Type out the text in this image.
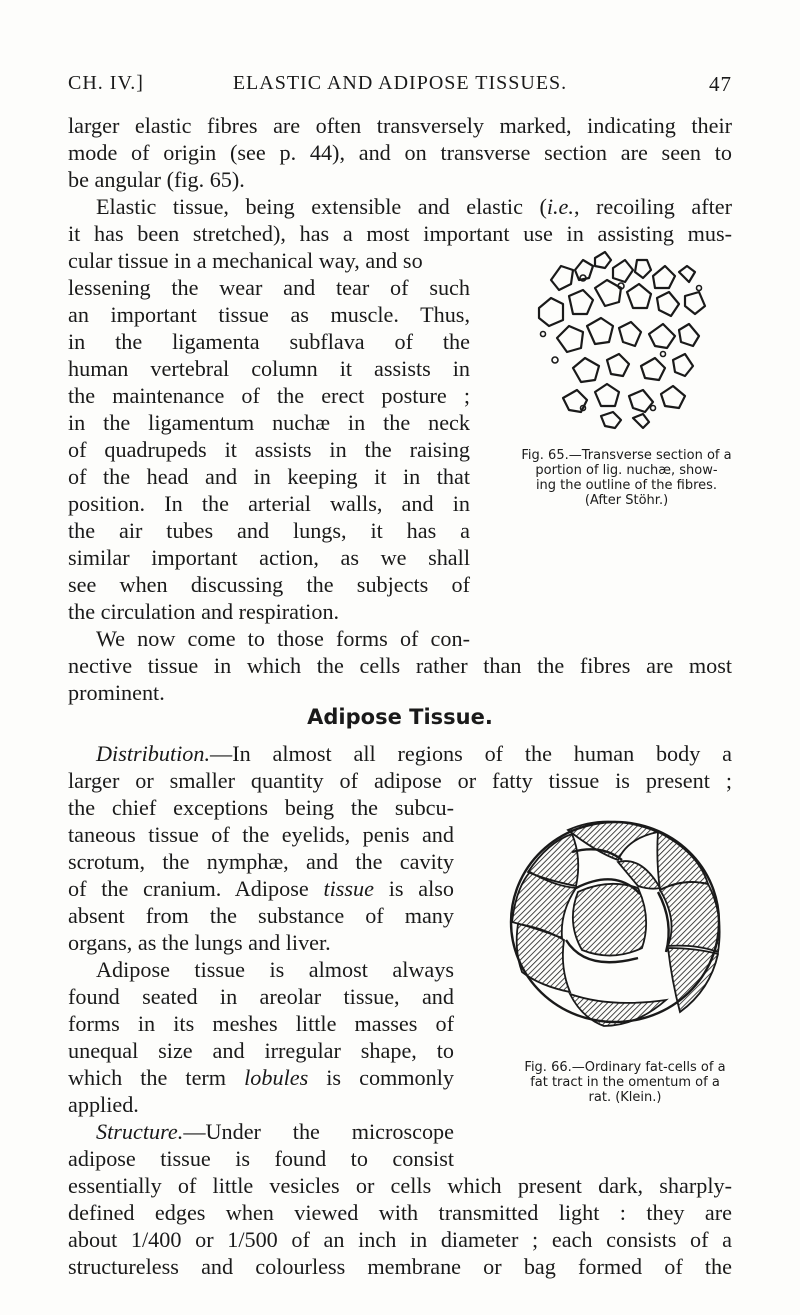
CH. IV.]	ELASTIC AND ADIPOSE TISSUES.	47
larger elastic fibres are often transversely marked, indicating their
mode of origin (see p. 44), and on transverse section are seen to
be angular (fig. 65).
Elastic tissue, being extensible and elastic (i.e., recoiling after
it has been stretched), has a most important use in assisting mus-
cular tissue in a mechanical way, and so
lessening the wear and tear of such
an important tissue as muscle. Thus,
in the ligamenta subflava of the
human vertebral column it assists in
the maintenance of the erect posture ;
in the ligamentum nuchæ in the neck
of quadrupeds it assists in the raising
of the head and in keeping it in that
position. In the arterial walls, and in
the air tubes and lungs, it has a
similar important action, as we shall
see when discussing the subjects of
the circulation and respiration.
We now come to those forms of con-
nective tissue in which the cells rather than the fibres are most
prominent.
Fig. 65.—Transverse section of a
portion of lig. nuchæ, show-
ing the outline of the fibres.
(After Stöhr.)
Adipose Tissue.
Distribution.—In almost all regions of the human body a
larger or smaller quantity of adipose or fatty tissue is present ;
the chief exceptions being the subcu-
taneous tissue of the eyelids, penis and
scrotum, the nymphæ, and the cavity
of the cranium. Adipose tissue is also
absent from the substance of many
organs, as the lungs and liver.
Adipose tissue is almost always
found seated in areolar tissue, and
forms in its meshes little masses of
unequal size and irregular shape, to
which the term lobules is commonly
applied.
Structure.—Under the microscope
adipose tissue is found to consist
essentially of little vesicles or cells which present dark, sharply-
defined edges when viewed with transmitted light : they are
about 1/400 or 1/500 of an inch in diameter ; each consists of a
structureless and colourless membrane or bag formed of the
Fig. 66.—Ordinary fat-cells of a
fat tract in the omentum of a
rat. (Klein.)
